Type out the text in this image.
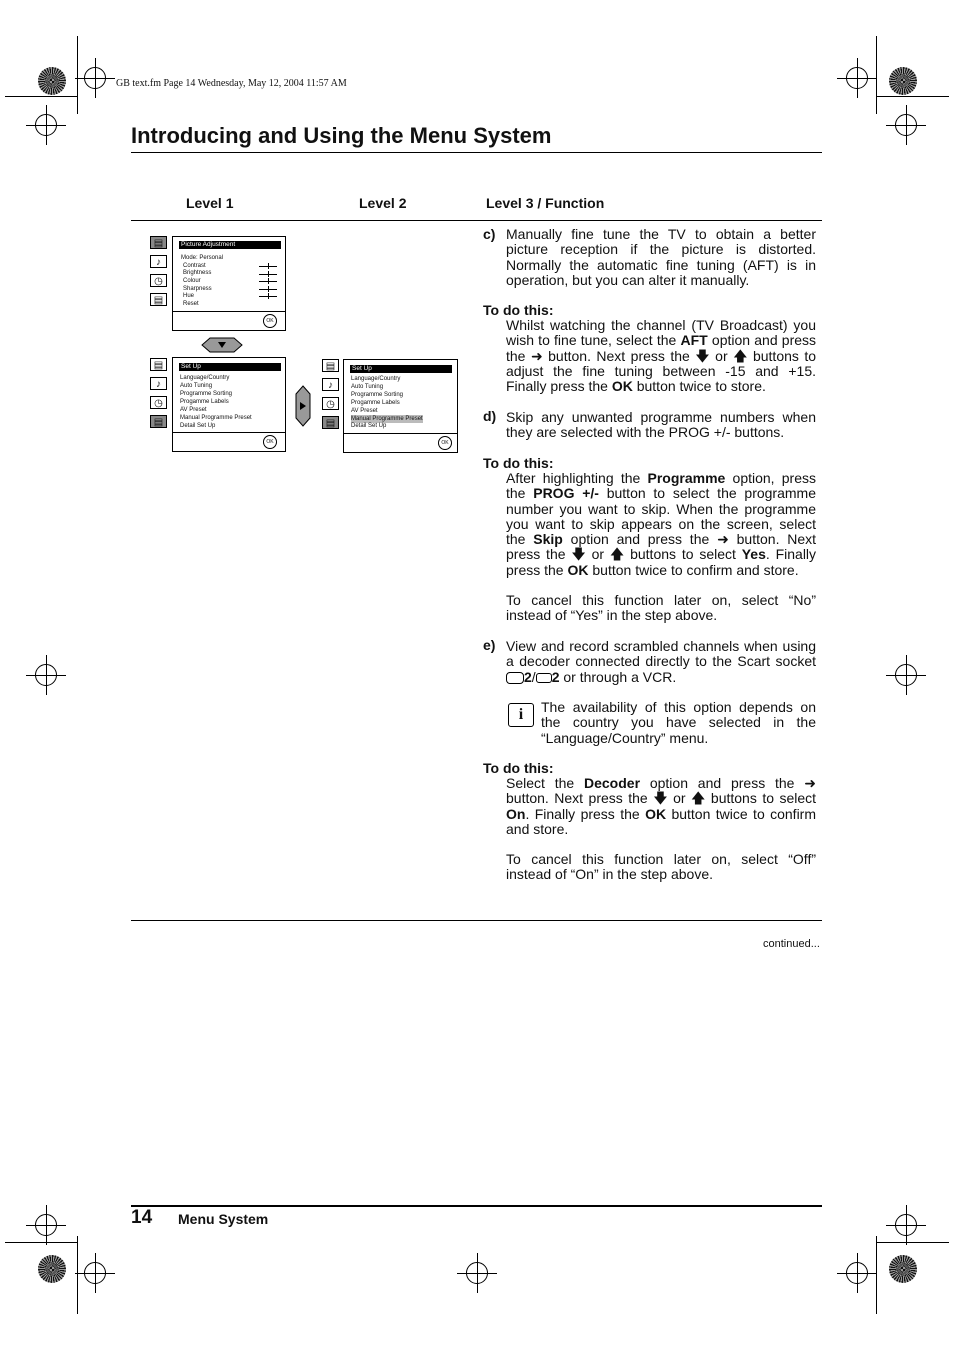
GB text.fm Page 14 Wednesday, May 12, 2004 11:57 AM
Introducing and Using the Menu System
Level 1	Level 2	Level 3 / Function
▤
♪
◷
▤
Picture Adjustment
Mode: Personal
Contrast
Brightness
Colour
Sharpness
Hue
Reset
OK
▤
♪
◷
▤
Set Up
Language/Country
Auto Tuning
Programme Sorting
Progamme Labels
AV Preset
Manual Programme Preset
Detail Set Up
OK
▤
♪
◷
▤
Set Up
Language/Country
Auto Tuning
Programme Sorting
Progamme Labels
AV Preset
Manual Programme Preset
Detail Set Up
OK
c) Manually fine tune the TV to obtain a better picture reception if the picture is distorted. Normally the automatic fine tuning (AFT) is in operation, but you can alter it manually.
To do this:
Whilst watching the channel (TV Broadcast) you wish to fine tune, select the AFT option and press the ➜ button. Next press the 🡇 or 🡅 buttons to adjust the fine tuning between -15 and +15. Finally press the OK button twice to store.
d) Skip any unwanted programme numbers when they are selected with the PROG +/- buttons.
To do this:
After highlighting the Programme option, press the PROG +/- button to select the programme number you want to skip. When the programme you want to skip appears on the screen, select the Skip option and press the ➜ button. Next press the 🡇 or 🡅 buttons to select Yes. Finally press the OK button twice to confirm and store.
To cancel this function later on, select “No” instead of “Yes” in the step above.
e) View and record scrambled channels when using a decoder connected directly to the Scart socket 2/ 2 or through a VCR.
i	The availability of this option depends on the country you have selected in the “Language/Country” menu.
To do this:
Select the Decoder option and press the ➜ button. Next press the 🡇 or 🡅 buttons to select On. Finally press the OK button twice to confirm and store.
To cancel this function later on, select “Off” instead of “On” in the step above.
continued...
14 Menu System
